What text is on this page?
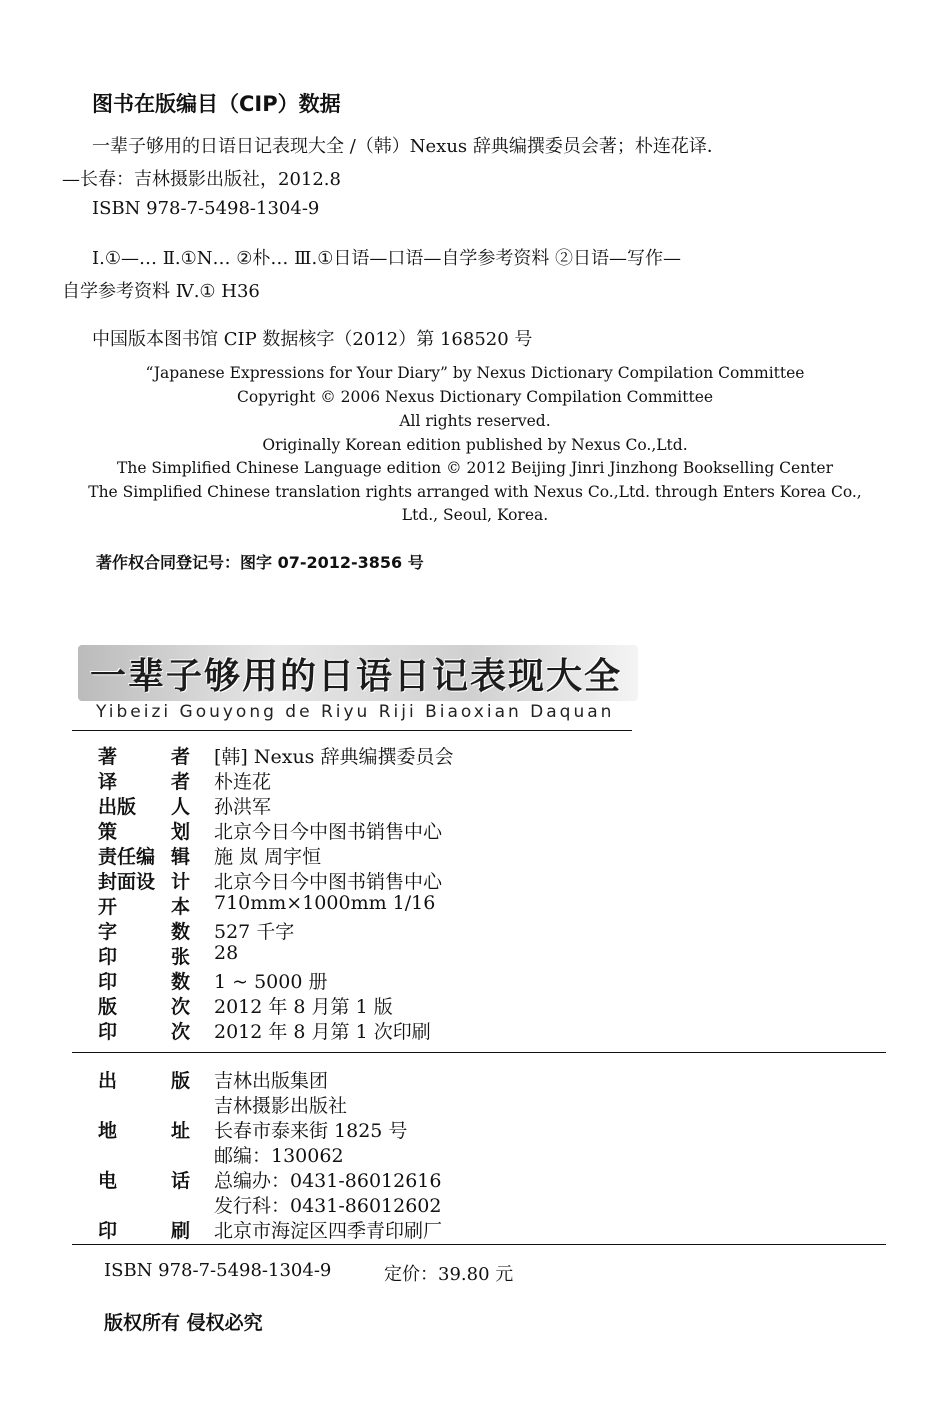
图书在版编目（CIP）数据
一辈子够用的日语日记表现大全 /（韩）Nexus 辞典编撰委员会著；朴连花译．
—长春：吉林摄影出版社，2012.8
ISBN 978-7-5498-1304-9
Ⅰ.①—… Ⅱ.①N… ②朴… Ⅲ.①日语—口语—自学参考资料 ②日语—写作—
自学参考资料 Ⅳ.① H36
中国版本图书馆 CIP 数据核字（2012）第 168520 号
“Japanese Expressions for Your Diary” by Nexus Dictionary Compilation Committee
Copyright © 2006 Nexus Dictionary Compilation Committee
All rights reserved.
Originally Korean edition published by Nexus Co.,Ltd.
The Simplified Chinese Language edition © 2012 Beijing Jinri Jinzhong Bookselling Center
The Simplified Chinese translation rights arranged with Nexus Co.,Ltd. through Enters Korea Co.,
Ltd., Seoul, Korea.
著作权合同登记号：图字 07-2012-3856 号
一辈子够用的日语日记表现大全
Yibeizi Gouyong de Riyu Riji Biaoxian Daquan
著	者 [韩] Nexus 辞典编撰委员会
译	者 朴连花
出版 人 孙洪军
策	划 北京今日今中图书销售中心
责任编 辑 施 岚 周宇恒
封面设 计 北京今日今中图书销售中心
开	本 710mm×1000mm 1/16
字	数 527 千字
印	张 28
印	数 1 ~ 5000 册
版	次 2012 年 8 月第 1 版
印	次 2012 年 8 月第 1 次印刷
出	版 吉林出版集团
吉林摄影出版社
地	址 长春市泰来街 1825 号
邮编：130062
电	话 总编办：0431-86012616
发行科：0431-86012602
印	刷 北京市海淀区四季青印刷厂
ISBN 978-7-5498-1304-9	定价：39.80 元
版权所有 侵权必究
